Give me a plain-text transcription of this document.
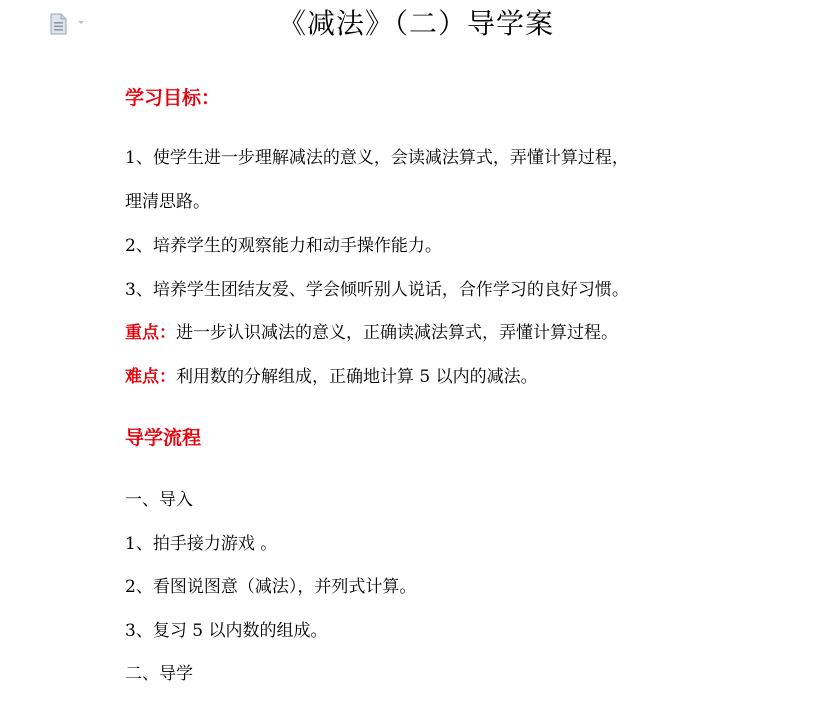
《减法》（二）导学案
学习目标：
1、使学生进一步理解减法的意义，会读减法算式，弄懂计算过程，
理清思路。
2、培养学生的观察能力和动手操作能力。
3、培养学生团结友爱、学会倾听别人说话，合作学习的良好习惯。
重点：进一步认识减法的意义，正确读减法算式，弄懂计算过程。
难点：利用数的分解组成，正确地计算 5 以内的减法。
导学流程
一、导入
1、拍手接力游戏 。
2、看图说图意（减法），并列式计算。
3、复习 5 以内数的组成。
二、导学
